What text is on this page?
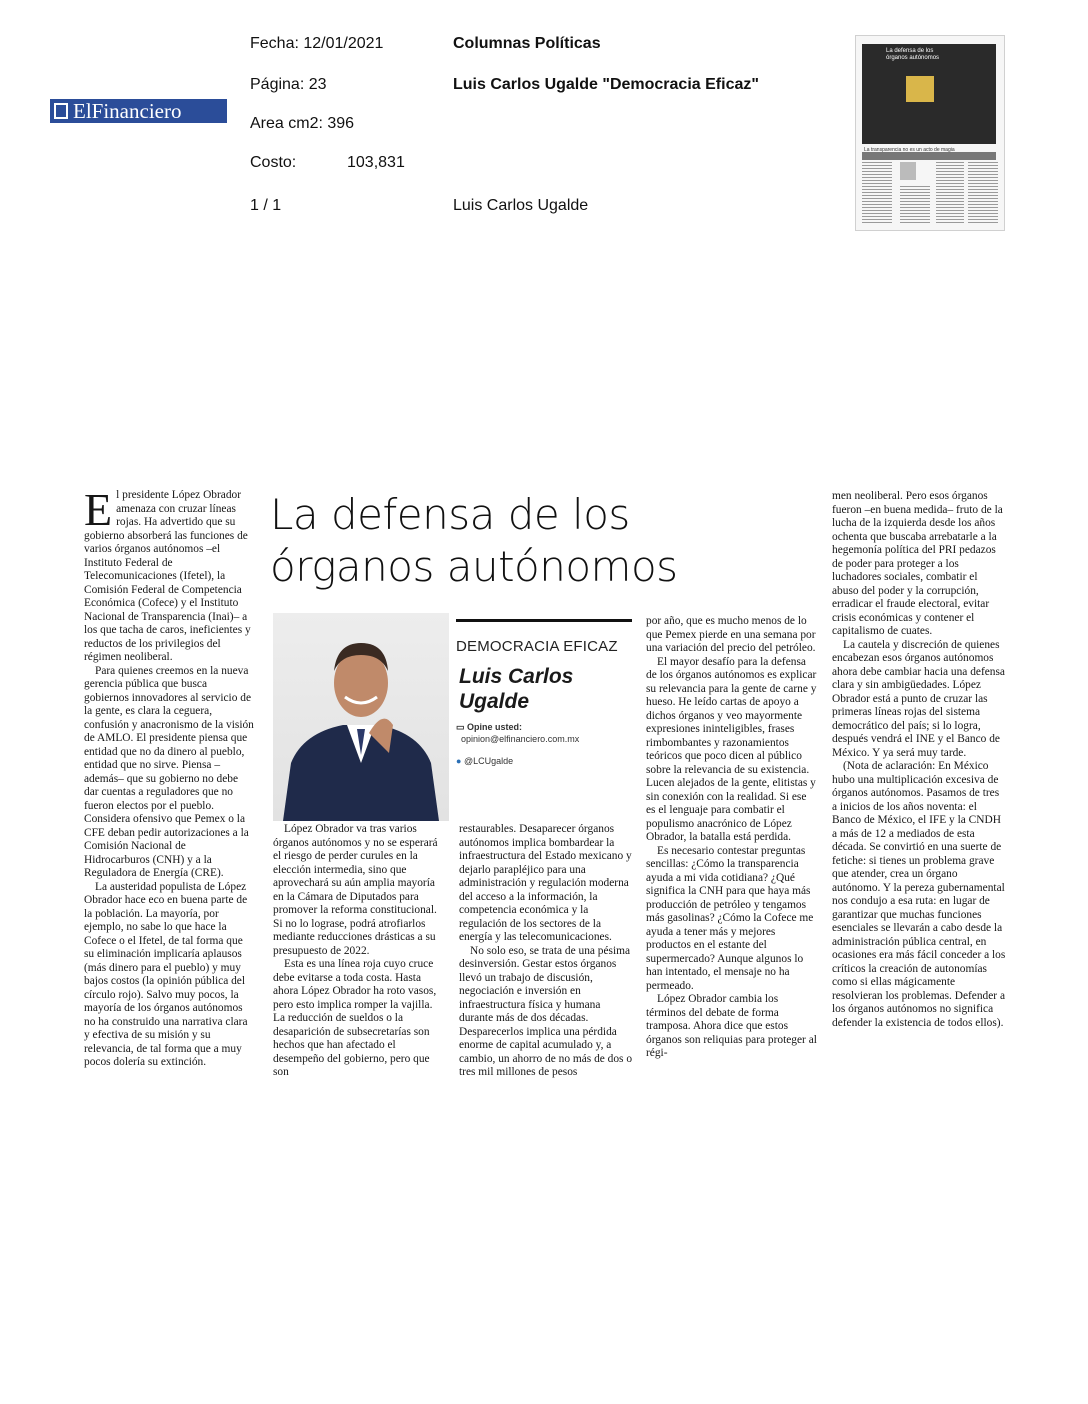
ElFinanciero
Fecha: 12/01/2021
Página: 23
Area cm2: 396
Costo:	103,831
1 / 1
Columnas Políticas
Luis Carlos Ugalde "Democracia Eficaz"
Luis Carlos Ugalde
La defensa de los
órganos autónomos
La transparencia no es un acto de magia

El presidente López Obrador amenaza con cruzar líneas rojas. Ha advertido que su gobierno absorberá las funciones de varios órganos autónomos –el Instituto Federal de Telecomunicaciones (Ifetel), la Comisión Federal de Competencia Económica (Cofece) y el Instituto Nacional de Transparencia (Inai)– a los que tacha de caros, ineficientes y reductos de los privilegios del régimen neoliberal.

Para quienes creemos en la nueva gerencia pública que busca gobiernos innovadores al servicio de la gente, es clara la ceguera, confusión y anacronismo de la visión de AMLO. El presidente piensa que entidad que no da dinero al pueblo, entidad que no sirve. Piensa –además– que su gobierno no debe dar cuentas a reguladores que no fueron electos por el pueblo. Considera ofensivo que Pemex o la CFE deban pedir autorizaciones a la Comisión Nacional de Hidrocarburos (CNH) y a la Reguladora de Energía (CRE).

La austeridad populista de López Obrador hace eco en buena parte de la población. La mayoría, por ejemplo, no sabe lo que hace la Cofece o el Ifetel, de tal forma que su eliminación implicaría aplausos (más dinero para el pueblo) y muy bajos costos (la opinión pública del círculo rojo). Salvo muy pocos, la mayoría de los órganos autónomos no ha construido una narrativa clara y efectiva de su misión y su relevancia, de tal forma que a muy pocos dolería su extinción.

La defensa de los
órganos autónomos
DEMOCRACIA EFICAZ
Luis Carlos
Ugalde
▭ Opine usted:
opinion@elfinanciero.com.mx
● @LCUgalde

López Obrador va tras varios órganos autónomos y no se esperará el riesgo de perder curules en la elección intermedia, sino que aprovechará su aún amplia mayoría en la Cámara de Diputados para promover la reforma constitucional. Si no lo lograse, podrá atrofiarlos mediante reducciones drásticas a su presupuesto de 2022.

Esta es una línea roja cuyo cruce debe evitarse a toda costa. Hasta ahora López Obrador ha roto vasos, pero esto implica romper la vajilla. La reducción de sueldos o la desaparición de subsecretarías son hechos que han afectado el desempeño del gobierno, pero que son

restaurables. Desaparecer órganos autónomos implica bombardear la infraestructura del Estado mexicano y dejarlo parapléjico para una administración y regulación moderna del acceso a la información, la competencia económica y la regulación de los sectores de la energía y las telecomunicaciones.

No solo eso, se trata de una pésima desinversión. Gestar estos órganos llevó un trabajo de discusión, negociación e inversión en infraestructura física y humana durante más de dos décadas. Desparecerlos implica una pérdida enorme de capital acumulado y, a cambio, un ahorro de no más de dos o tres mil millones de pesos

por año, que es mucho menos de lo que Pemex pierde en una semana por una variación del precio del petróleo.

El mayor desafío para la defensa de los órganos autónomos es explicar su relevancia para la gente de carne y hueso. He leído cartas de apoyo a dichos órganos y veo mayormente expresiones ininteligibles, frases rimbombantes y razonamientos teóricos que poco dicen al público sobre la relevancia de su existencia. Lucen alejados de la gente, elitistas y sin conexión con la realidad. Si ese es el lenguaje para combatir el populismo anacrónico de López Obrador, la batalla está perdida.

Es necesario contestar preguntas sencillas: ¿Cómo la transparencia ayuda a mi vida cotidiana? ¿Qué significa la CNH para que haya más producción de petróleo y tengamos más gasolinas? ¿Cómo la Cofece me ayuda a tener más y mejores productos en el estante del supermercado? Aunque algunos lo han intentado, el mensaje no ha permeado.

López Obrador cambia los términos del debate de forma tramposa. Ahora dice que estos órganos son reliquias para proteger al régi-

men neoliberal. Pero esos órganos fueron –en buena medida– fruto de la lucha de la izquierda desde los años ochenta que buscaba arrebatarle a la hegemonía política del PRI pedazos de poder para proteger a los luchadores sociales, combatir el abuso del poder y la corrupción, erradicar el fraude electoral, evitar crisis económicas y contener el capitalismo de cuates.

La cautela y discreción de quienes encabezan esos órganos autónomos ahora debe cambiar hacia una defensa clara y sin ambigüedades. López Obrador está a punto de cruzar las primeras líneas rojas del sistema democrático del país; si lo logra, después vendrá el INE y el Banco de México. Y ya será muy tarde.

(Nota de aclaración: En México hubo una multiplicación excesiva de órganos autónomos. Pasamos de tres a inicios de los años noventa: el Banco de México, el IFE y la CNDH a más de 12 a mediados de esta década. Se convirtió en una suerte de fetiche: si tienes un problema grave que atender, crea un órgano autónomo. Y la pereza gubernamental nos condujo a esa ruta: en lugar de garantizar que muchas funciones esenciales se llevarán a cabo desde la administración pública central, en ocasiones era más fácil conceder a los críticos la creación de autonomías como si ellas mágicamente resolvieran los problemas. Defender a los órganos autónomos no significa defender la existencia de todos ellos).
